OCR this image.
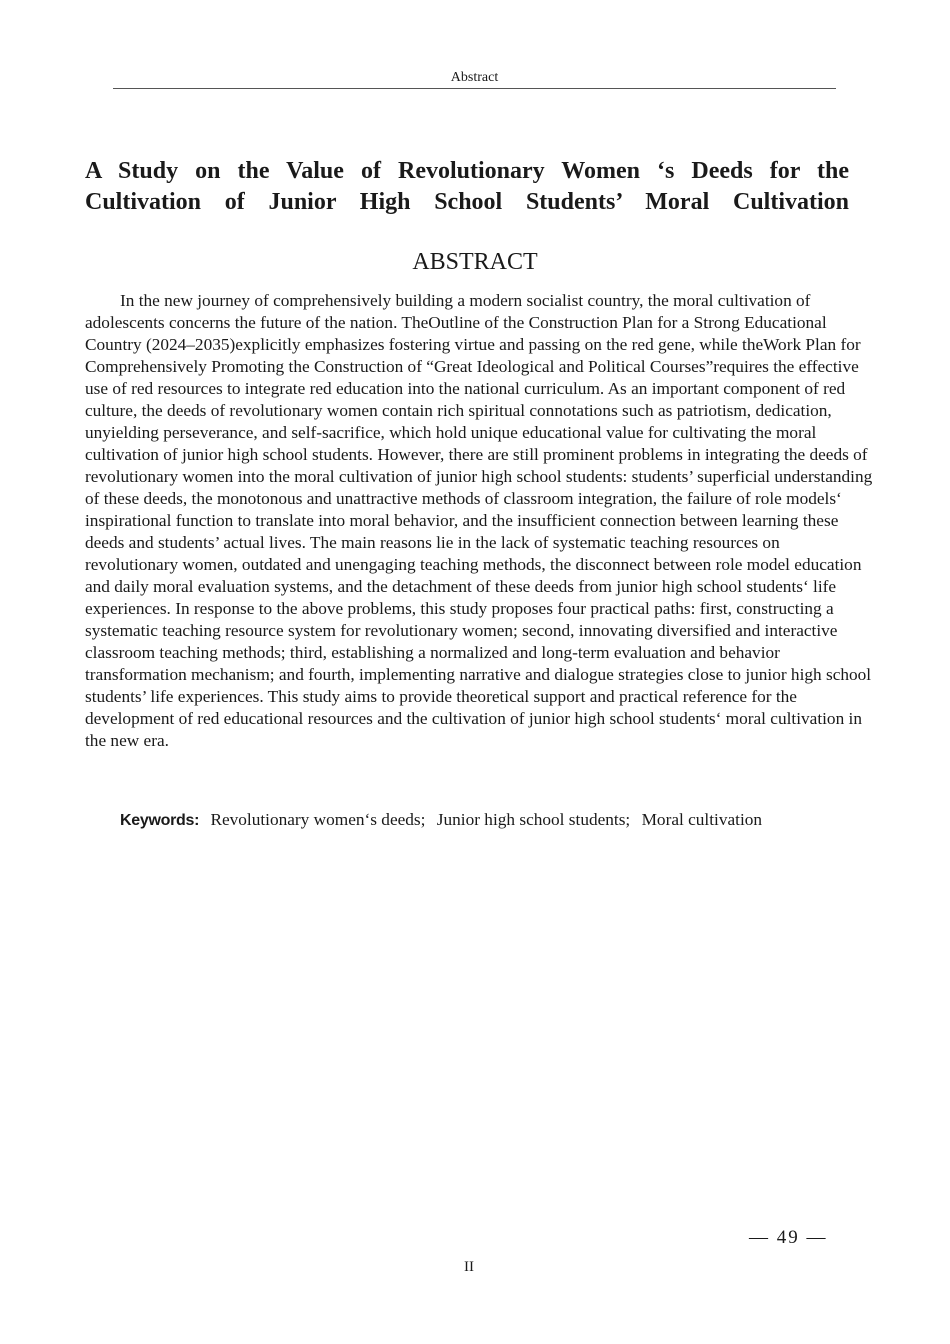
Abstract
A Study on the Value of Revolutionary Women ‘s Deeds for the
Cultivation of Junior High School Students’ Moral Cultivation
ABSTRACT

In the new journey of comprehensively building a modern socialist country, the moral cultivation of adolescents concerns the future of the nation. TheOutline of the Construction Plan for a Strong Educational Country (2024–2035)explicitly emphasizes fostering virtue and passing on the red gene, while theWork Plan for Comprehensively Promoting the Construction of “Great Ideological and Political Courses”requires the effective use of red resources to integrate red education into the national curriculum. As an important component of red culture, the deeds of revolutionary women contain rich spiritual connotations such as patriotism, dedication, unyielding perseverance, and self-sacrifice, which hold unique educational value for cultivating the moral cultivation of junior high school students. However, there are still prominent problems in integrating the deeds of revolutionary women into the moral cultivation of junior high school students: students’ superficial understanding of these deeds, the monotonous and unattractive methods of classroom integration, the failure of role models‘ inspirational function to translate into moral behavior, and the insufficient connection between learning these deeds and students’ actual lives. The main reasons lie in the lack of systematic teaching resources on revolutionary women, outdated and unengaging teaching methods, the disconnect between role model education and daily moral evaluation systems, and the detachment of these deeds from junior high school students‘ life experiences. In response to the above problems, this study proposes four practical paths: first, constructing a systematic teaching resource system for revolutionary women; second, innovating diversified and interactive classroom teaching methods; third, establishing a normalized and long-term evaluation and behavior transformation mechanism; and fourth, implementing narrative and dialogue strategies close to junior high school students’ life experiences. This study aims to provide theoretical support and practical reference for the development of red educational resources and the cultivation of junior high school students‘ moral cultivation in the new era.

Keywords: Revolutionary women‘s deeds; Junior high school students; Moral cultivation
— 49 —
II
